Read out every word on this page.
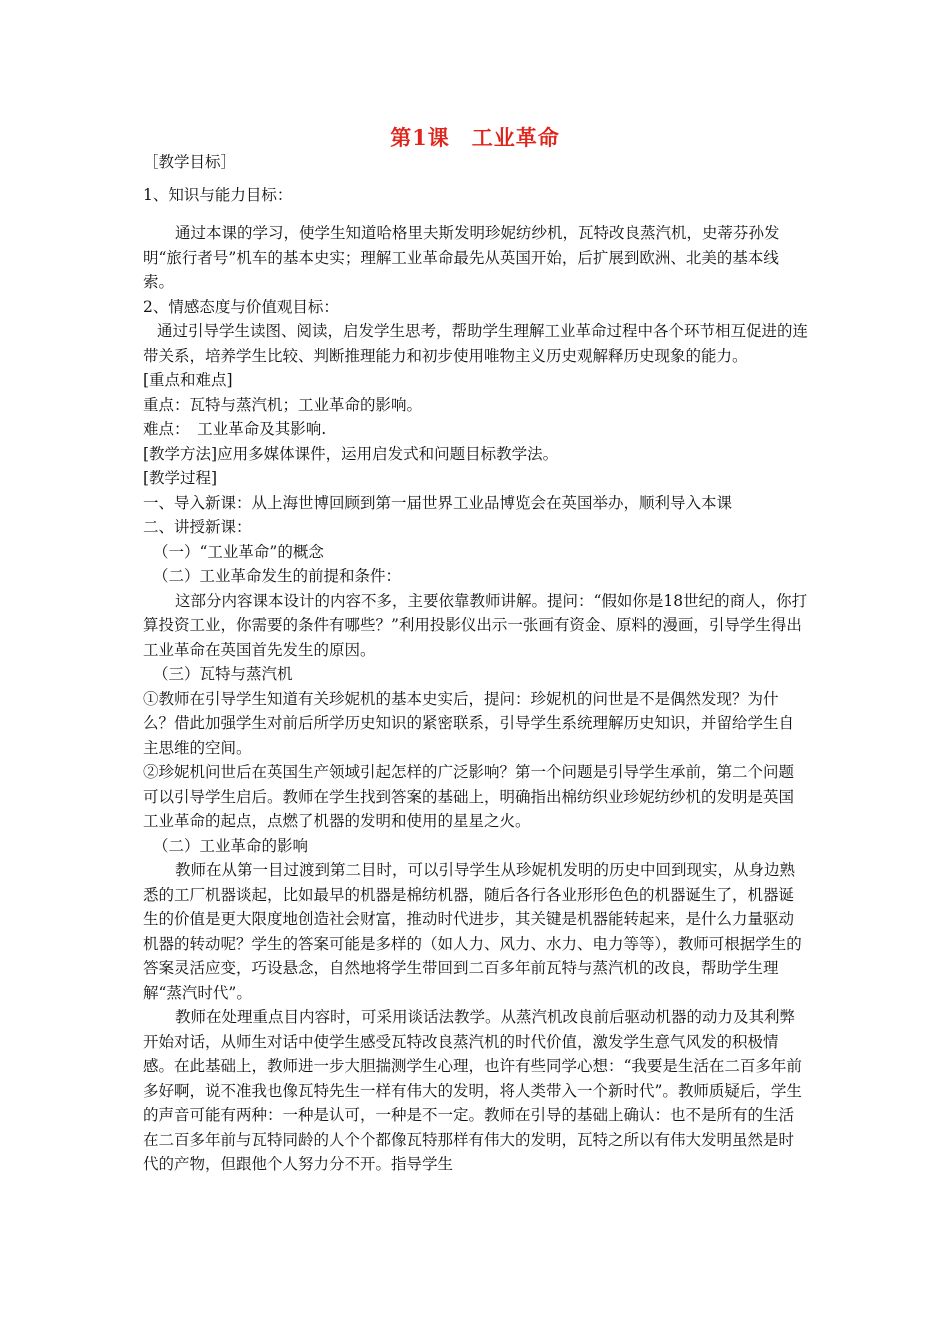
第1课　工业革命

［教学目标］

1、知识与能力目标：

通过本课的学习，使学生知道哈格里夫斯发明珍妮纺纱机，瓦特改良蒸汽机，史蒂芬孙发明“旅行者号”机车的基本史实；理解工业革命最先从英国开始，后扩展到欧洲、北美的基本线索。

2、情感态度与价值观目标：

通过引导学生读图、阅读，启发学生思考，帮助学生理解工业革命过程中各个环节相互促进的连带关系，培养学生比较、判断推理能力和初步使用唯物主义历史观解释历史现象的能力。

[重点和难点]

重点：瓦特与蒸汽机；工业革命的影响。

难点：　工业革命及其影响.

[教学方法]应用多媒体课件，运用启发式和问题目标教学法。

[教学过程]

一、导入新课：从上海世博回顾到第一届世界工业品博览会在英国举办，顺利导入本课

二、讲授新课：

（一）“工业革命”的概念

（二）工业革命发生的前提和条件：

这部分内容课本设计的内容不多，主要依靠教师讲解。提问：“假如你是18世纪的商人，你打算投资工业，你需要的条件有哪些？”利用投影仪出示一张画有资金、原料的漫画，引导学生得出工业革命在英国首先发生的原因。

（三）瓦特与蒸汽机

①教师在引导学生知道有关珍妮机的基本史实后，提问：珍妮机的问世是不是偶然发现？为什么？借此加强学生对前后所学历史知识的紧密联系，引导学生系统理解历史知识，并留给学生自主思维的空间。

②珍妮机问世后在英国生产领域引起怎样的广泛影响？第一个问题是引导学生承前，第二个问题可以引导学生启后。教师在学生找到答案的基础上，明确指出棉纺织业珍妮纺纱机的发明是英国工业革命的起点，点燃了机器的发明和使用的星星之火。

（二）工业革命的影响

教师在从第一目过渡到第二目时，可以引导学生从珍妮机发明的历史中回到现实，从身边熟悉的工厂机器谈起，比如最早的机器是棉纺机器，随后各行各业形形色色的机器诞生了，机器诞生的价值是更大限度地创造社会财富，推动时代进步，其关键是机器能转起来，是什么力量驱动机器的转动呢？学生的答案可能是多样的（如人力、风力、水力、电力等等），教师可根据学生的答案灵活应变，巧设悬念，自然地将学生带回到二百多年前瓦特与蒸汽机的改良，帮助学生理解“蒸汽时代”。

教师在处理重点目内容时，可采用谈话法教学。从蒸汽机改良前后驱动机器的动力及其利弊开始对话，从师生对话中使学生感受瓦特改良蒸汽机的时代价值，激发学生意气风发的积极情感。在此基础上，教师进一步大胆揣测学生心理，也许有些同学心想：“我要是生活在二百多年前多好啊，说不准我也像瓦特先生一样有伟大的发明，将人类带入一个新时代”。教师质疑后，学生的声音可能有两种：一种是认可，一种是不一定。教师在引导的基础上确认：也不是所有的生活在二百多年前与瓦特同龄的人个个都像瓦特那样有伟大的发明，瓦特之所以有伟大发明虽然是时代的产物，但跟他个人努力分不开。指导学生
